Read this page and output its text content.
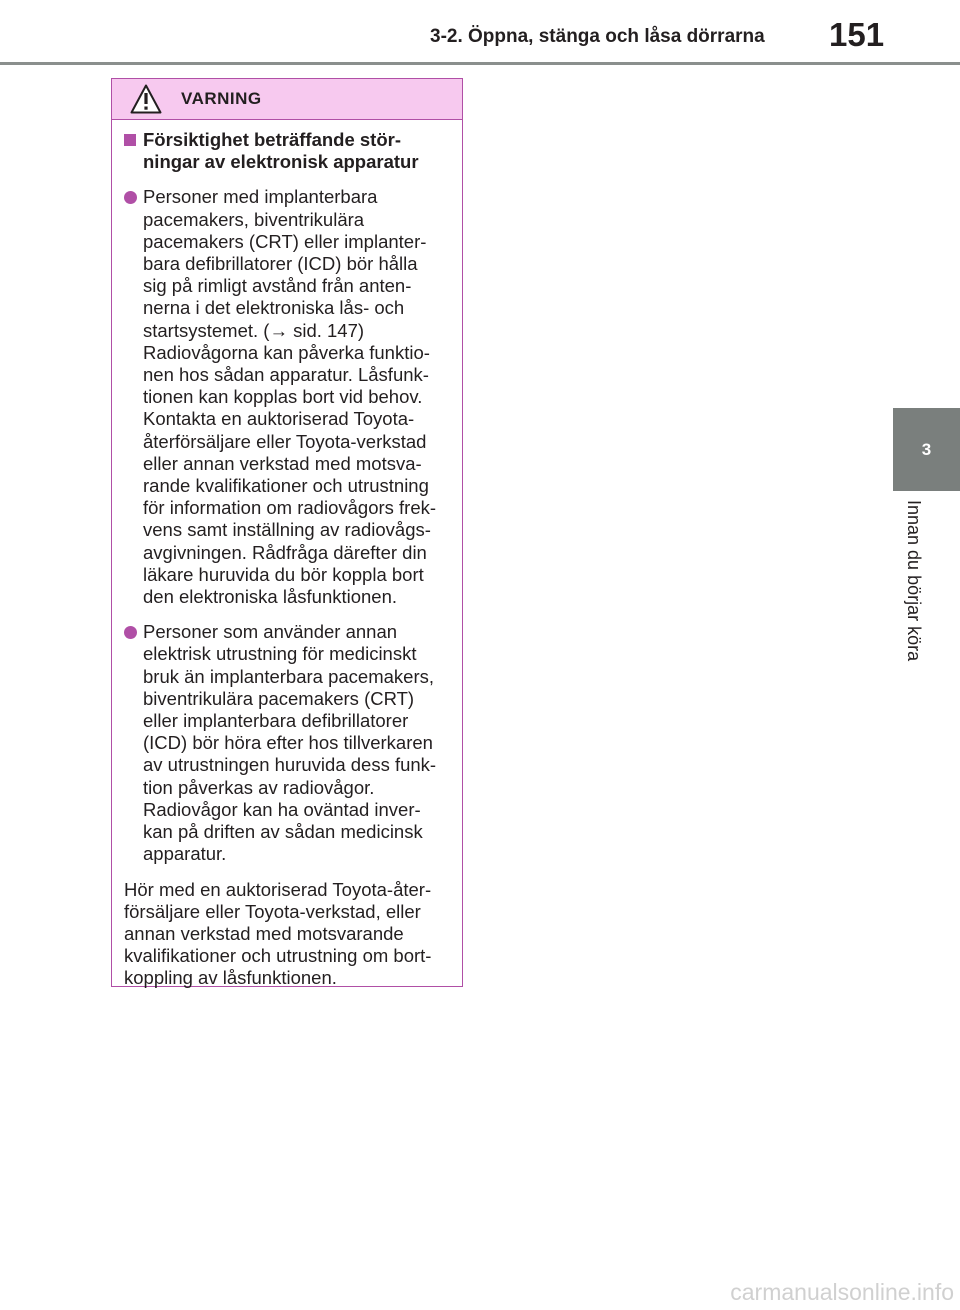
3-2. Öppna, stänga och låsa dörrarna 151
3
Innan du börjar köra
VARNING
Försiktighet beträffande stör-
ningar av elektronisk apparatur
Personer med implanterbara
pacemakers, biventrikulära
pacemakers (CRT) eller implanter-
bara defibrillatorer (ICD) bör hålla
sig på rimligt avstånd från anten-
nerna i det elektroniska lås- och
startsystemet. (→ sid. 147)
Radiovågorna kan påverka funktio-
nen hos sådan apparatur. Låsfunk-
tionen kan kopplas bort vid behov.
Kontakta en auktoriserad Toyota-
återförsäljare eller Toyota-verkstad
eller annan verkstad med motsva-
rande kvalifikationer och utrustning
för information om radiovågors frek-
vens samt inställning av radiovågs-
avgivningen. Rådfråga därefter din
läkare huruvida du bör koppla bort
den elektroniska låsfunktionen.
Personer som använder annan
elektrisk utrustning för medicinskt
bruk än implanterbara pacemakers,
biventrikulära pacemakers (CRT)
eller implanterbara defibrillatorer
(ICD) bör höra efter hos tillverkaren
av utrustningen huruvida dess funk-
tion påverkas av radiovågor.
Radiovågor kan ha oväntad inver-
kan på driften av sådan medicinsk
apparatur.
Hör med en auktoriserad Toyota-åter-
försäljare eller Toyota-verkstad, eller
annan verkstad med motsvarande
kvalifikationer och utrustning om bort-
koppling av låsfunktionen.
carmanualsonline.info
